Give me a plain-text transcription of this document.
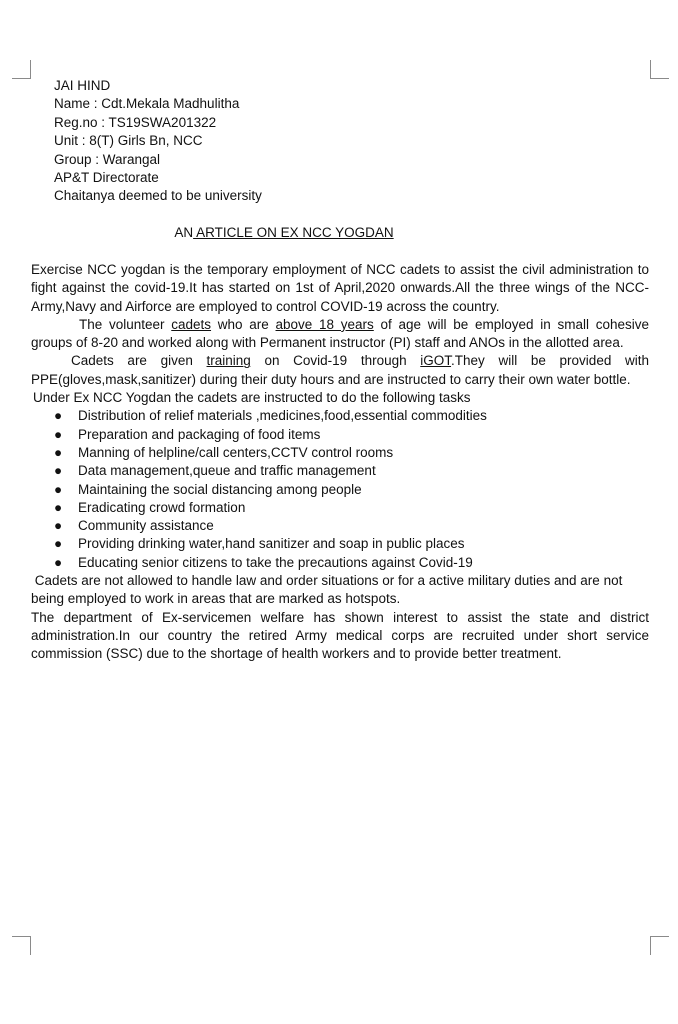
JAI HIND
Name : Cdt.Mekala Madhulitha
Reg.no : TS19SWA201322
Unit : 8(T) Girls Bn, NCC
Group : Warangal
AP&T Directorate
Chaitanya deemed to be university
AN ARTICLE ON EX NCC YOGDAN

Exercise NCC yogdan is the temporary employment of NCC cadets to assist the civil administration to fight against the covid-19.It has started on 1st of April,2020 onwards.All the three wings of the NCC-Army,Navy and Airforce are employed to control COVID-19 across the country.

The volunteer cadets who are above 18 years of age will be employed in small cohesive groups of 8-20 and worked along with Permanent instructor (PI) staff and ANOs in the allotted area.

Cadets are given training on Covid-19 through iGOT.They will be provided with PPE(gloves,mask,sanitizer) during their duty hours and are instructed to carry their own water bottle.

Under Ex NCC Yogdan the cadets are instructed to do the following tasks

● Distribution of relief materials ,medicines,food,essential commodities
● Preparation and packaging of food items
● Manning of helpline/call centers,CCTV control rooms
● Data management,queue and traffic management
● Maintaining the social distancing among people
● Eradicating crowd formation
● Community assistance
● Providing drinking water,hand sanitizer and soap in public places
● Educating senior citizens to take the precautions against Covid-19

Cadets are not allowed to handle law and order situations or for a active military duties and are not
being employed to work in areas that are marked as hotspots.

The department of Ex-servicemen welfare has shown interest to assist the state and district administration.In our country the retired Army medical corps are recruited under short service commission (SSC) due to the shortage of health workers and to provide better treatment.
